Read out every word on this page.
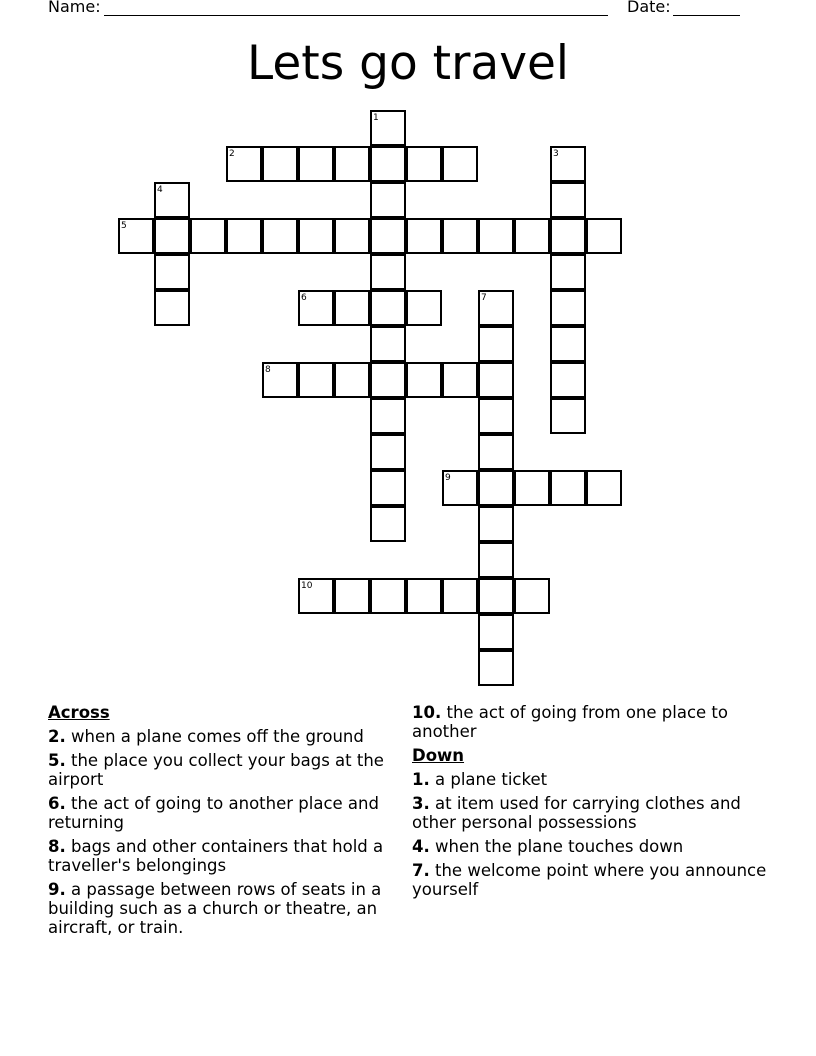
Name:	Date:
Lets go travel
1
2	3
4
5
6	7
8
9
10
Across
2. when a plane comes off the ground
5. the place you collect your bags at the airport
6. the act of going to another place and returning
8. bags and other containers that hold a traveller's belongings
9. a passage between rows of seats in a building such as a church or theatre, an aircraft, or train.
10. the act of going from one place to another
Down
1. a plane ticket
3. at item used for carrying clothes and other personal possessions
4. when the plane touches down
7. the welcome point where you announce yourself
